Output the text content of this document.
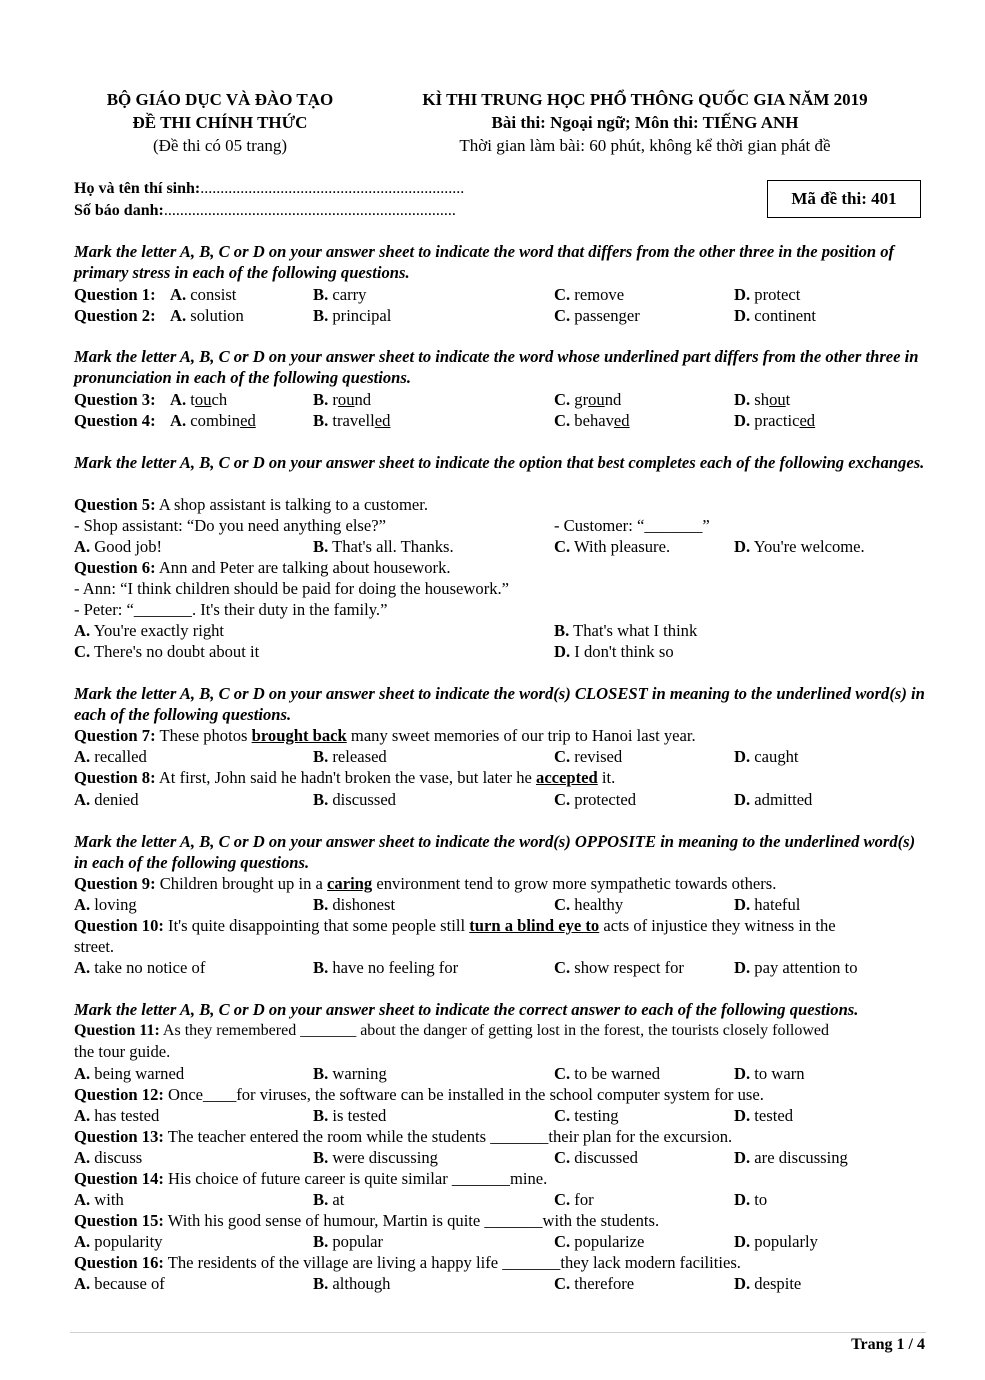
BỘ GIÁO DỤC VÀ ĐÀO TẠO
ĐỀ THI CHÍNH THỨC
(Đề thi có 05 trang)
KÌ THI TRUNG HỌC PHỔ THÔNG QUỐC GIA NĂM 2019
Bài thi: Ngoại ngữ; Môn thi: TIẾNG ANH
Thời gian làm bài: 60 phút, không kể thời gian phát đề
Họ và tên thí sinh:..................................................................
Số báo danh:.........................................................................
Mã đề thi: 401
Mark the letter A, B, C or D on your answer sheet to indicate the word that differs from the other three in the position of primary stress in each of the following questions.
Question 1: A. consist	B. carry	C. remove	D. protect
Question 2: A. solution	B. principal	C. passenger	D. continent
Mark the letter A, B, C or D on your answer sheet to indicate the word whose underlined part differs from the other three in pronunciation in each of the following questions.
Question 3: A. touch	B. round	C. ground	D. shout
Question 4: A. combined	B. travelled	C. behaved	D. practiced
Mark the letter A, B, C or D on your answer sheet to indicate the option that best completes each of the following exchanges.
Question 5: A shop assistant is talking to a customer.
- Shop assistant: “Do you need anything else?”	- Customer: “_______”
A. Good job!	B. That's all. Thanks.	C. With pleasure.	D. You're welcome.
Question 6: Ann and Peter are talking about housework.
- Ann: “I think children should be paid for doing the housework.”
- Peter: “_______. It's their duty in the family.”
A. You're exactly right	B. That's what I think
C. There's no doubt about it	D. I don't think so
Mark the letter A, B, C or D on your answer sheet to indicate the word(s) CLOSEST in meaning to the underlined word(s) in each of the following questions.
Question 7: These photos brought back many sweet memories of our trip to Hanoi last year.
A. recalled	B. released	C. revised	D. caught
Question 8: At first, John said he hadn't broken the vase, but later he accepted it.
A. denied	B. discussed	C. protected	D. admitted
Mark the letter A, B, C or D on your answer sheet to indicate the word(s) OPPOSITE in meaning to the underlined word(s) in each of the following questions.
Question 9: Children brought up in a caring environment tend to grow more sympathetic towards others.
A. loving	B. dishonest	C. healthy	D. hateful
Question 10: It's quite disappointing that some people still turn a blind eye to acts of injustice they witness in the
street.
A. take no notice of	B. have no feeling for	C. show respect for	D. pay attention to
Mark the letter A, B, C or D on your answer sheet to indicate the correct answer to each of the following questions.
Question 11: As they remembered _______ about the danger of getting lost in the forest, the tourists closely followed
the tour guide.
A. being warned	B. warning	C. to be warned	D. to warn
Question 12: Once____for viruses, the software can be installed in the school computer system for use.
A. has tested	B. is tested	C. testing	D. tested
Question 13: The teacher entered the room while the students _______their plan for the excursion.
A. discuss	B. were discussing	C. discussed	D. are discussing
Question 14: His choice of future career is quite similar _______mine.
A. with	B. at	C. for	D. to
Question 15: With his good sense of humour, Martin is quite _______with the students.
A. popularity	B. popular	C. popularize	D. popularly
Question 16: The residents of the village are living a happy life _______they lack modern facilities.
A. because of	B. although	C. therefore	D. despite
Trang 1 / 4
